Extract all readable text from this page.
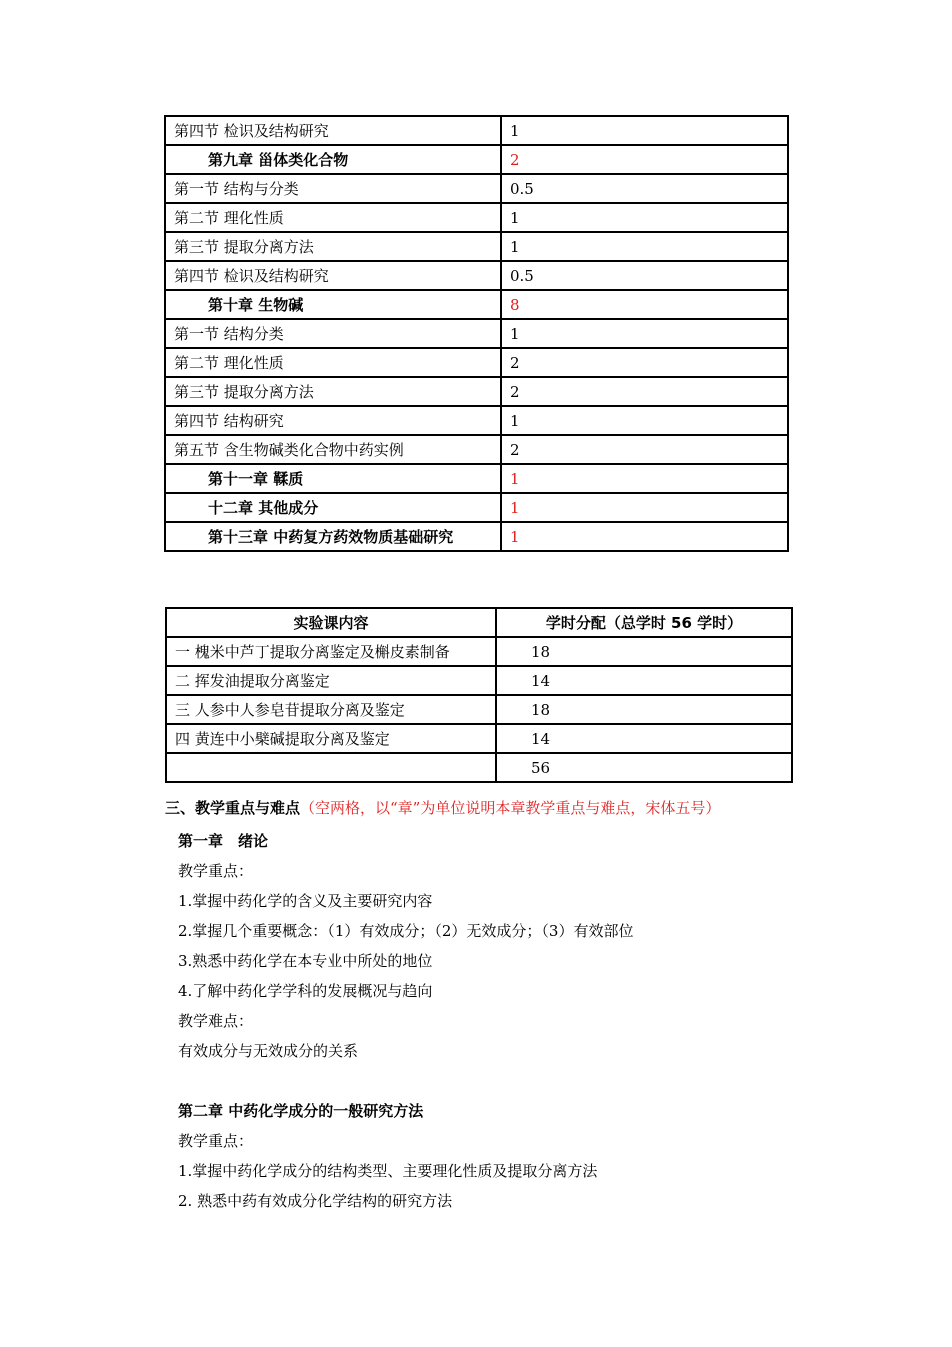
第四节 检识及结构研究	1
第九章 甾体类化合物	2
第一节 结构与分类	0.5
第二节 理化性质	1
第三节 提取分离方法	1
第四节 检识及结构研究	0.5
第十章 生物碱	8
第一节 结构分类	1
第二节 理化性质	2
第三节 提取分离方法	2
第四节 结构研究	1
第五节 含生物碱类化合物中药实例	2
第十一章 鞣质	1
十二章 其他成分	1
第十三章 中药复方药效物质基础研究	1
实验课内容	学时分配（总学时 56 学时）
一 槐米中芦丁提取分离鉴定及槲皮素制备	18
二 挥发油提取分离鉴定	14
三 人参中人参皂苷提取分离及鉴定	18
四 黄连中小檗碱提取分离及鉴定	14
	56
三、教学重点与难点（空两格，以“章”为单位说明本章教学重点与难点，宋体五号）
第一章　绪论
教学重点：
1.掌握中药化学的含义及主要研究内容
2.掌握几个重要概念：（1）有效成分；（2）无效成分；（3）有效部位
3.熟悉中药化学在本专业中所处的地位
4.了解中药化学学科的发展概况与趋向
教学难点：
有效成分与无效成分的关系
第二章 中药化学成分的一般研究方法
教学重点：
1.掌握中药化学成分的结构类型、主要理化性质及提取分离方法
2. 熟悉中药有效成分化学结构的研究方法
